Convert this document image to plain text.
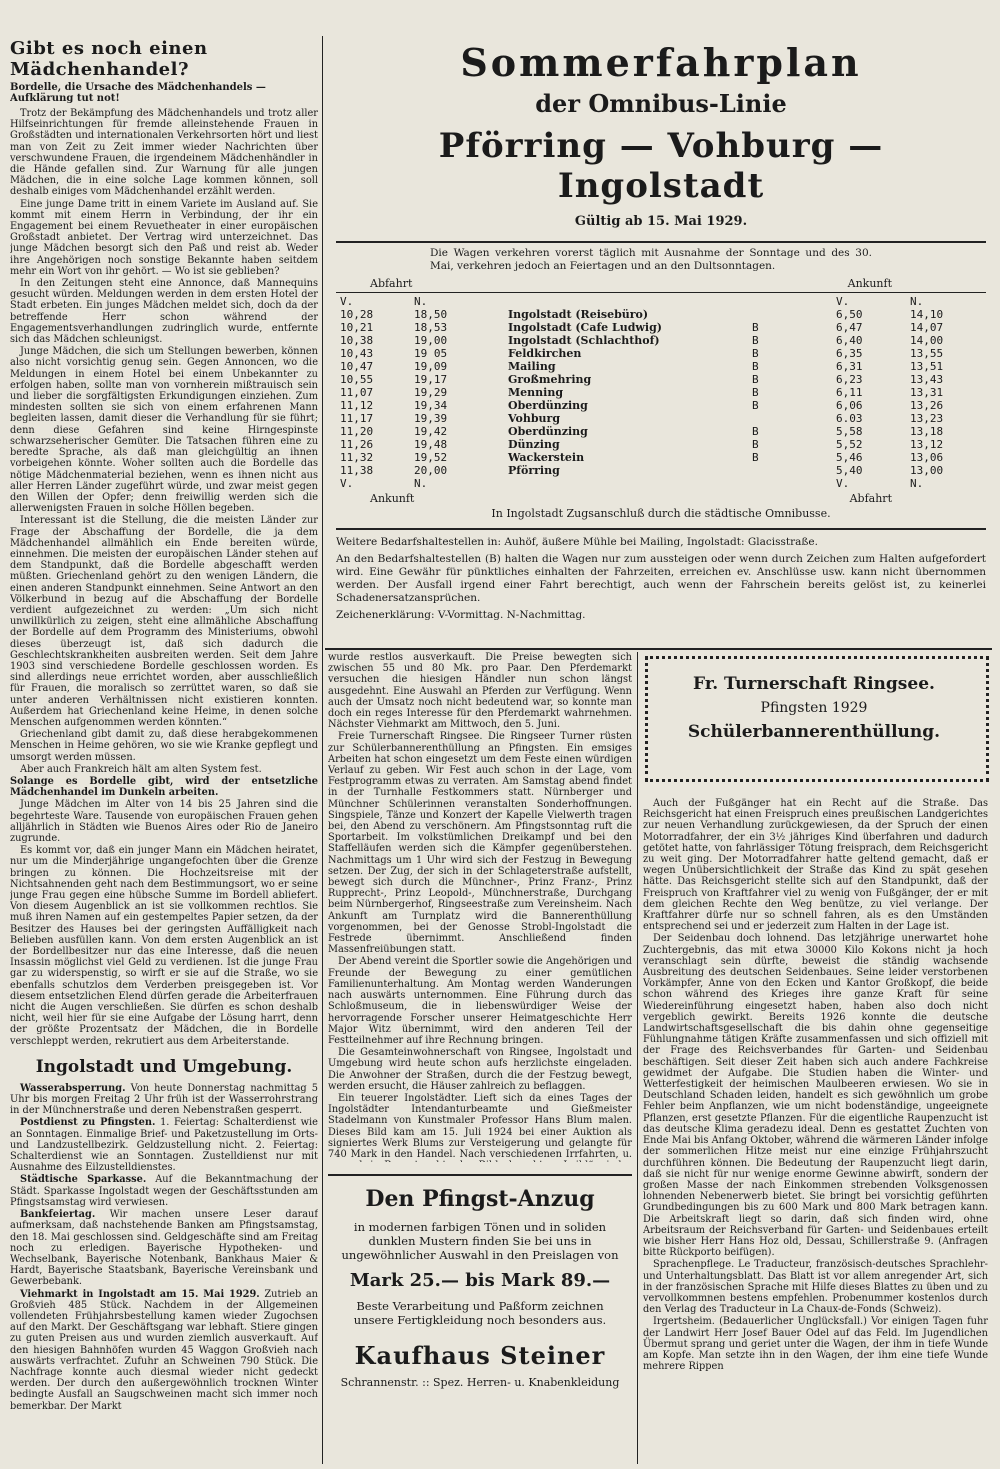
Gibt es noch einen Mädchenhandel?
Bordelle, die Ursache des Mädchenhandels — Aufklärung tut not!

Trotz der Bekämpfung des Mädchenhandels und trotz aller Hilfseinrichtungen für fremde alleinstehende Frauen in Großstädten und internationalen Verkehrsorten hört und liest man von Zeit zu Zeit immer wieder Nachrichten über verschwundene Frauen, die irgendeinem Mädchenhändler in die Hände gefallen sind. Zur Warnung für alle jungen Mädchen, die in eine solche Lage kommen können, soll deshalb einiges vom Mädchenhandel erzählt werden.

Eine junge Dame tritt in einem Variete im Ausland auf. Sie kommt mit einem Herrn in Verbindung, der ihr ein Engagement bei einem Revuetheater in einer europäischen Großstadt anbietet. Der Vertrag wird unterzeichnet. Das junge Mädchen besorgt sich den Paß und reist ab. Weder ihre Angehörigen noch sonstige Bekannte haben seitdem mehr ein Wort von ihr gehört. — Wo ist sie geblieben?

In den Zeitungen steht eine Annonce, daß Mannequins gesucht würden. Meldungen werden in dem ersten Hotel der Stadt erbeten. Ein junges Mädchen meldet sich, doch da der betreffende Herr schon während der Engagementsverhandlungen zudringlich wurde, entfernte sich das Mädchen schleunigst.

Junge Mädchen, die sich um Stellungen bewerben, können also nicht vorsichtig genug sein. Gegen Annoncen, wo die Meldungen in einem Hotel bei einem Unbekannter zu erfolgen haben, sollte man von vornherein mißtrauisch sein und lieber die sorgfältigsten Erkundigungen einziehen. Zum mindesten sollten sie sich von einem erfahrenen Mann begleiten lassen, damit dieser die Verhandlung für sie führt; denn diese Gefahren sind keine Hirngespinste schwarzseherischer Gemüter. Die Tatsachen führen eine zu beredte Sprache, als daß man gleichgültig an ihnen vorbeigehen könnte. Woher sollten auch die Bordelle das nötige Mädchenmaterial beziehen, wenn es ihnen nicht aus aller Herren Länder zugeführt würde, und zwar meist gegen den Willen der Opfer; denn freiwillig werden sich die allerwenigsten Frauen in solche Höllen begeben.

Interessant ist die Stellung, die die meisten Länder zur Frage der Abschaffung der Bordelle, die ja dem Mädchenhandel allmählich ein Ende bereiten würde, einnehmen. Die meisten der europäischen Länder stehen auf dem Standpunkt, daß die Bordelle abgeschafft werden müßten. Griechenland gehört zu den wenigen Ländern, die einen anderen Standpunkt einnehmen. Seine Antwort an den Völkerbund in bezug auf die Abschaffung der Bordelle verdient aufgezeichnet zu werden: „Um sich nicht unwillkürlich zu zeigen, steht eine allmähliche Abschaffung der Bordelle auf dem Programm des Ministeriums, obwohl dieses überzeugt ist, daß sich dadurch die Geschlechtskrankheiten ausbreiten werden. Seit dem Jahre 1903 sind verschiedene Bordelle geschlossen worden. Es sind allerdings neue errichtet worden, aber ausschließlich für Frauen, die moralisch so zerrüttet waren, so daß sie unter anderen Verhältnissen nicht existieren konnten. Außerdem hat Griechenland keine Heime, in denen solche Menschen aufgenommen werden könnten.“

Griechenland gibt damit zu, daß diese herabgekommenen Menschen in Heime gehören, wo sie wie Kranke gepflegt und umsorgt werden müssen.

Aber auch Frankreich hält am alten System fest.

Solange es Bordelle gibt, wird der entsetzliche Mädchenhandel im Dunkeln arbeiten.

Junge Mädchen im Alter von 14 bis 25 Jahren sind die begehrteste Ware. Tausende von europäischen Frauen gehen alljährlich in Städten wie Buenos Aires oder Rio de Janeiro zugrunde.

Es kommt vor, daß ein junger Mann ein Mädchen heiratet, nur um die Minderjährige ungangefochten über die Grenze bringen zu können. Die Hochzeitsreise mit der Nichtsahnenden geht nach dem Bestimmungsort, wo er seine junge Frau gegen eine hübsche Summe im Bordell abliefert. Von diesem Augenblick an ist sie vollkommen rechtlos. Sie muß ihren Namen auf ein gestempeltes Papier setzen, da der Besitzer des Hauses bei der geringsten Auffälligkeit nach Belieben ausfüllen kann. Von dem ersten Augenblick an ist der Bordellbesitzer nur das eine Interesse, daß die neuen Insassin möglichst viel Geld zu verdienen. Ist die junge Frau gar zu widerspenstig, so wirft er sie auf die Straße, wo sie ebenfalls schutzlos dem Verderben preisgegeben ist. Vor diesem entsetzlichen Elend dürfen gerade die Arbeiterfrauen nicht die Augen verschließen. Sie dürfen es schon deshalb nicht, weil hier für sie eine Aufgabe der Lösung harrt, denn der größte Prozentsatz der Mädchen, die in Bordelle verschleppt werden, rekrutiert aus dem Arbeiterstande.

Ingolstadt und Umgebung.

Wasserabsperrung. Von heute Donnerstag nachmittag 5 Uhr bis morgen Freitag 2 Uhr früh ist der Wasserrohrstrang in der Münchnerstraße und deren Nebenstraßen gesperrt.

Postdienst zu Pfingsten. 1. Feiertag: Schalterdienst wie an Sonntagen. Einmalige Brief- und Paketzustellung im Orts- und Landzustellbezirk. Geldzustellung nicht. 2. Feiertag: Schalterdienst wie an Sonntagen. Zustelldienst nur mit Ausnahme des Eilzustelldienstes.

Städtische Sparkasse. Auf die Bekanntmachung der Städt. Sparkasse Ingolstadt wegen der Geschäftsstunden am Pfingstsamstag wird verwiesen.

Bankfeiertag. Wir machen unsere Leser darauf aufmerksam, daß nachstehende Banken am Pfingstsamstag, den 18. Mai geschlossen sind. Geldgeschäfte sind am Freitag noch zu erledigen. Bayerische Hypotheken- und Wechselbank, Bayerische Notenbank, Bankhaus Maier & Hardt, Bayerische Staatsbank, Bayerische Vereinsbank und Gewerbebank.

Viehmarkt in Ingolstadt am 15. Mai 1929. Zutrieb an Großvieh 485 Stück. Nachdem in der Allgemeinen vollendeten Frühjahrsbestellung kamen wieder Zugochsen auf den Markt. Der Geschäftsgang war lebhaft. Stiere gingen zu guten Preisen aus und wurden ziemlich ausverkauft. Auf den hiesigen Bahnhöfen wurden 45 Waggon Großvieh nach auswärts verfrachtet. Zufuhr an Schweinen 790 Stück. Die Nachfrage konnte auch diesmal wieder nicht gedeckt werden. Der durch den außergewöhnlich trocknen Winter bedingte Ausfall an Saugschweinen macht sich immer noch bemerkbar. Der Markt

Sommerfahrplan
der Omnibus-Linie
Pförring — Vohburg — Ingolstadt
Gültig ab 15. Mai 1929.
Die Wagen verkehren vorerst täglich mit Ausnahme der Sonntage und des 30. Mai, verkehren jedoch an Feiertagen und an den Dultsonntagen.
Abfahrt	Ankunft
V.	N.			V.	N.
10,28	18,50	Ingolstadt (Reisebüro)		6,50	14,10
10,21	18,53	Ingolstadt (Cafe Ludwig)	B	6,47	14,07
10,38	19,00	Ingolstadt (Schlachthof)	B	6,40	14,00
10,43	19 05	Feldkirchen	B	6,35	13,55
10,47	19,09	Mailing	B	6,31	13,51
10,55	19,17	Großmehring	B	6,23	13,43
11,07	19,29	Menning	B	6,11	13,31
11,12	19,34	Oberdünzing	B	6,06	13,26
11,17	19,39	Vohburg		6.03	13,23
11,20	19,42	Oberdünzing	B	5,58	13,18
11,26	19,48	Dünzing	B	5,52	13,12
11,32	19,52	Wackerstein	B	5,46	13,06
11,38	20,00	Pförring		5,40	13,00
V.	N.			V.	N.
Ankunft	Abfahrt
In Ingolstadt Zugsanschluß durch die städtische Omnibusse.
Weitere Bedarfshaltestellen in: Auhöf, äußere Mühle bei Mailing, Ingolstadt: Glacisstraße.
An den Bedarfshaltestellen (B) halten die Wagen nur zum aussteigen oder wenn durch Zeichen zum Halten aufgefordert wird. Eine Gewähr für pünktliches einhalten der Fahrzeiten, erreichen ev. Anschlüsse usw. kann nicht übernommen werden. Der Ausfall irgend einer Fahrt berechtigt, auch wenn der Fahrschein bereits gelöst ist, zu keinerlei Schadenersatzansprüchen.
Zeichenerklärung: V-Vormittag. N-Nachmittag.

wurde restlos ausverkauft. Die Preise bewegten sich zwischen 55 und 80 Mk. pro Paar. Den Pferdemarkt versuchen die hiesigen Händler nun schon längst ausgedehnt. Eine Auswahl an Pferden zur Verfügung. Wenn auch der Umsatz noch nicht bedeutend war, so konnte man doch ein reges Interesse für den Pferdemarkt wahrnehmen. Nächster Viehmarkt am Mittwoch, den 5. Juni.

Freie Turnerschaft Ringsee. Die Ringseer Turner rüsten zur Schülerbannerenthüllung an Pfingsten. Ein emsiges Arbeiten hat schon eingesetzt um dem Feste einen würdigen Verlauf zu geben. Wir Fest auch schon in der Lage, vom Festprogramm etwas zu verraten. Am Samstag abend findet in der Turnhalle Festkommers statt. Nürnberger und Münchner Schülerinnen veranstalten Sonderhoffnungen. Singspiele, Tänze und Konzert der Kapelle Vielwerth tragen bei, den Abend zu verschönern. Am Pfingstsonntag ruft die Sportarbeit. Im volkstümlichen Dreikampf und bei den Staffelläufen werden sich die Kämpfer gegenüberstehen. Nachmittags um 1 Uhr wird sich der Festzug in Bewegung setzen. Der Zug, der sich in der Schlageterstraße aufstellt, bewegt sich durch die Münchner-, Prinz Franz-, Prinz Rupprecht-, Prinz Leopold-, Münchnerstraße, Durchgang beim Nürnbergerhof, Ringseestraße zum Vereinsheim. Nach Ankunft am Turnplatz wird die Bannerenthüllung vorgenommen, bei der Genosse Strobl-Ingolstadt die Festrede übernimmt. Anschließend finden Massenfreiübungen statt.

Der Abend vereint die Sportler sowie die Angehörigen und Freunde der Bewegung zu einer gemütlichen Familienunterhaltung. Am Montag werden Wanderungen nach auswärts unternommen. Eine Führung durch das Schloßmuseum, die in liebenswürdiger Weise der hervorragende Forscher unserer Heimatgeschichte Herr Major Witz übernimmt, wird den anderen Teil der Festteilnehmer auf ihre Rechnung bringen.

Die Gesamteinwohnerschaft von Ringsee, Ingolstadt und Umgebung wird heute schon aufs herzlichste eingeladen. Die Anwohner der Straßen, durch die der Festzug bewegt, werden ersucht, die Häuser zahlreich zu beflaggen.

Ein teuerer Ingolstädter. Lieft sich da eines Tages der Ingolstädter Intendanturbeamte und Gießmeister Stadelmann von Kunstmaler Professor Hans Blum malen. Dieses Bild kam am 15. Juli 1924 bei einer Auktion als signiertes Werk Blums zur Versteigerung und gelangte für 740 Mark in den Handel. Nach verschiedenen Irrfahrten, u.

Den Pfingst-Anzug
in modernen farbigen Tönen und in soliden dunklen Mustern finden Sie bei uns in ungewöhnlicher Auswahl in den Preislagen von
Mark 25.— bis Mark 89.—
Beste Verarbeitung und Paßform zeichnen unsere Fertigkleidung noch besonders aus.
Kaufhaus Steiner
Schrannenstr. :: Spez. Herren- u. Knabenkleidung
Fr. Turnerschaft Ringsee.
Pfingsten 1929
Schülerbannerenthüllung.

Auch der Fußgänger hat ein Recht auf die Straße. Das Reichsgericht hat einen Freispruch eines preußischen Landgerichtes zur neuen Verhandlung zurückgewiesen, da der Spruch der einen Motorradfahrer, der ein 3½ jähriges Kind überfahren und dadurch getötet hatte, von fahrlässiger Tötung freisprach, dem Reichsgericht zu weit ging. Der Motorradfahrer hatte geltend gemacht, daß er wegen Unübersichtlichkeit der Straße das Kind zu spät gesehen hätte. Das Reichsgericht stellte sich auf den Standpunkt, daß der Freispruch von Kraftfahrer viel zu wenig von Fußgänger, der er mit dem gleichen Rechte den Weg benütze, zu viel verlange. Der Kraftfahrer dürfe nur so schnell fahren, als es den Umständen entsprechend sei und er jederzeit zum Halten in der Lage ist.

Der Seidenbau doch lohnend. Das letzjährige unerwartet hohe Zuchtergebnis, das mit etwa 30000 Kilo Kokons nicht ja hoch veranschlagt sein dürfte, beweist die ständig wachsende Ausbreitung des deutschen Seidenbaues. Seine leider verstorbenen Vorkämpfer, Anne von den Ecken und Kantor Großkopf, die beide schon während des Krieges ihre ganze Kraft für seine Wiedereinführung eingesetzt haben, haben also doch nicht vergeblich gewirkt. Bereits 1926 konnte die deutsche Landwirtschaftsgesellschaft die bis dahin ohne gegenseitige Fühlungnahme tätigen Kräfte zusammenfassen und sich offiziell mit der Frage des Reichsverbandes für Garten- und Seidenbau beschäftigen. Seit dieser Zeit haben sich auch andere Fachkreise gewidmet der Aufgabe. Die Studien haben die Winter- und Wetterfestigkeit der heimischen Maulbeeren erwiesen. Wo sie in Deutschland Schaden leiden, handelt es sich gewöhnlich um grobe Fehler beim Anpflanzen, wie um nicht bodenständige, ungeeignete Pflanzen, erst gesetzte Pflanzen. Für die eigentliche Raupenzucht ist das deutsche Klima geradezu ideal. Denn es gestattet Zuchten von Ende Mai bis Anfang Oktober, während die wärmeren Länder infolge der sommerlichen Hitze meist nur eine einzige Frühjahrszucht durchführen können. Die Bedeutung der Raupenzucht liegt darin, daß sie nicht für nur wenige enorme Gewinne abwirft, sondern der großen Masse der nach Einkommen strebenden Volksgenossen lohnenden Nebenerwerb bietet. Sie bringt bei vorsichtig geführten Grundbedingungen bis zu 600 Mark und 800 Mark betragen kann. Die Arbeitskraft liegt so darin, daß sich finden wird, ohne Arbeitsraum der Reichsverband für Garten- und Seidenbaues erteilt wie bisher Herr Hans Hoz old, Dessau, Schillerstraße 9. (Anfragen bitte Rückporto beifügen).

Sprachenpflege. Le Traducteur, französisch-deutsches Sprachlehr- und Unterhaltungsblatt. Das Blatt ist vor allem anregender Art, sich in der französischen Sprache mit Hilfe dieses Blattes zu üben und zu vervollkommnen bestens empfehlen. Probenummer kostenlos durch den Verlag des Traducteur in La Chaux-de-Fonds (Schweiz).

Irgertsheim. (Bedauerlicher Unglücksfall.) Vor einigen Tagen fuhr der Landwirt Herr Josef Bauer Odel auf das Feld. Im Jugendlichen Übermut sprang und geriet unter die Wagen, der ihm in tiefe Wunde am Kopfe. Man setzte ihn in den Wagen, der ihm eine tiefe Wunde mehrere Rippen
